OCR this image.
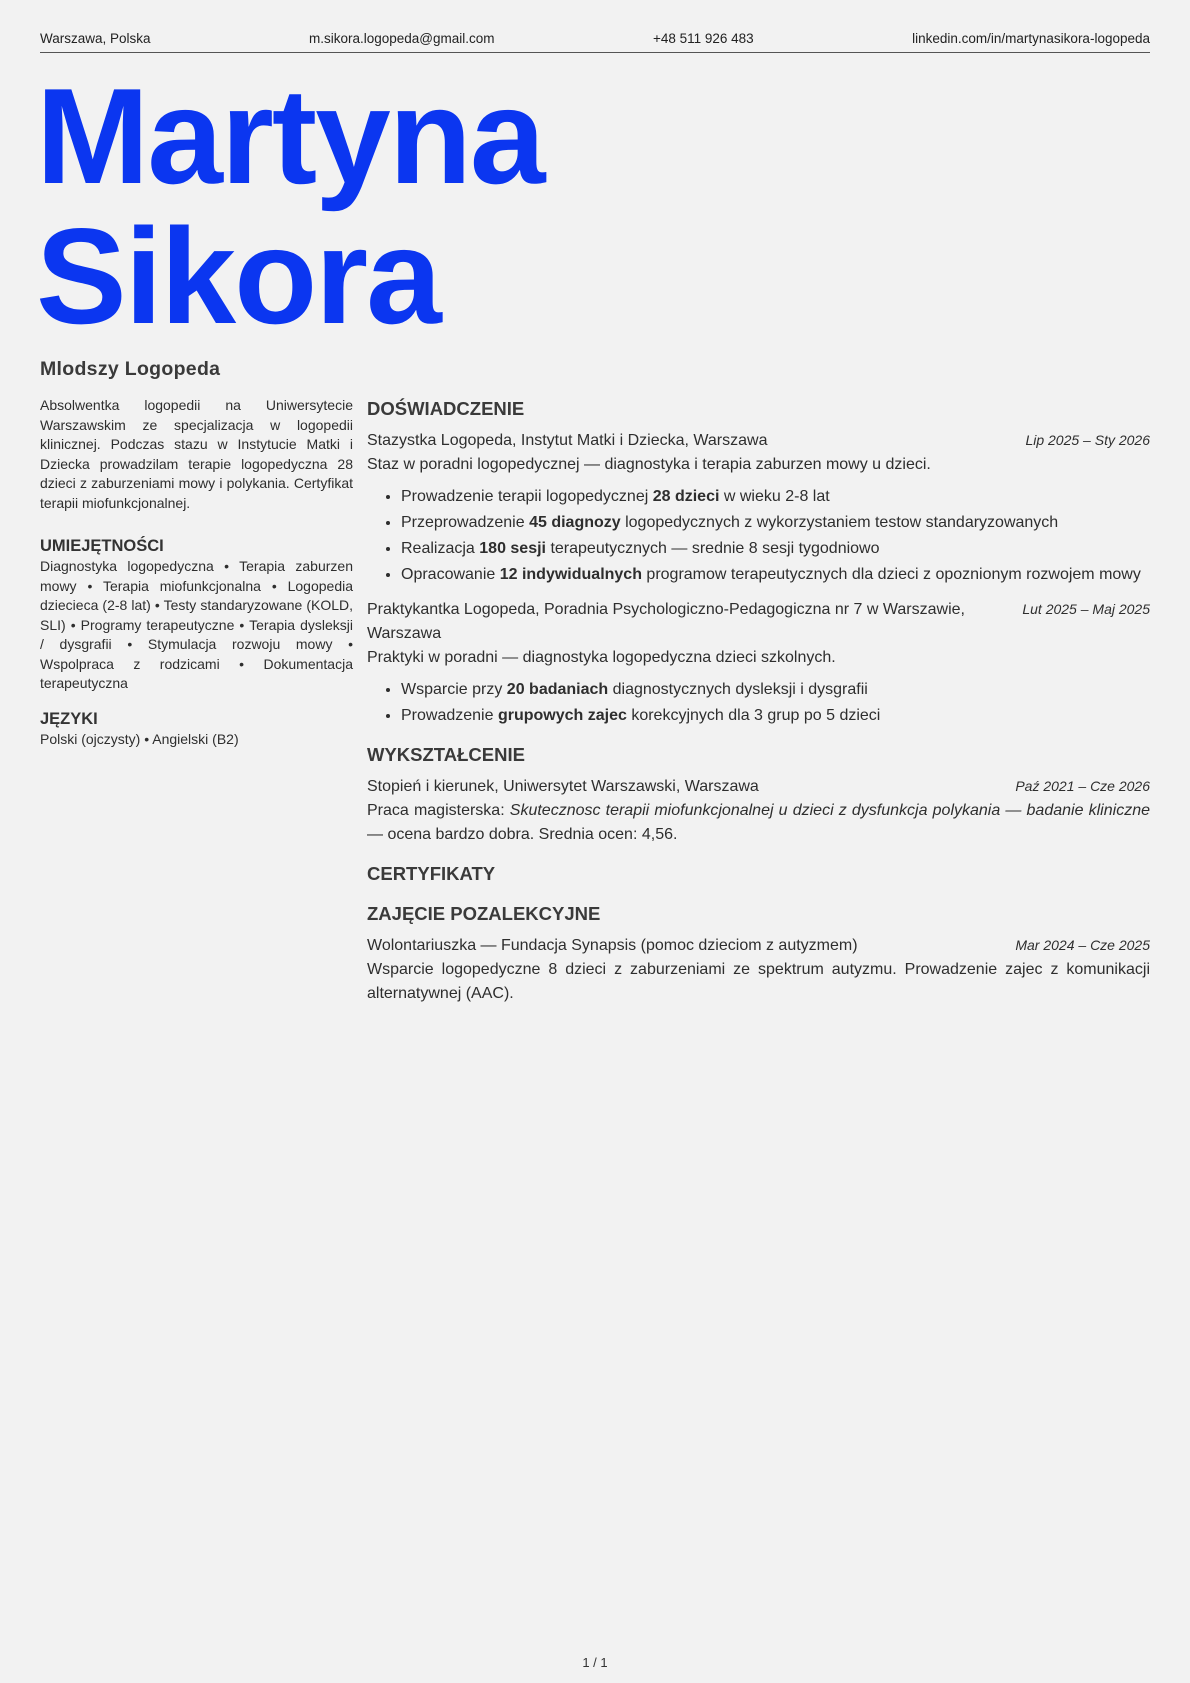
Warszawa, Polska	m.sikora.logopeda@gmail.com	+48 511 926 483	linkedin.com/in/martynasikora-logopeda
Martyna
Sikora
Mlodszy Logopeda

Absolwentka logopedii na Uniwersytecie Warszawskim ze specjalizacja w logopedii klinicznej. Podczas stazu w Instytucie Matki i Dziecka prowadzilam terapie logopedyczna 28 dzieci z zaburzeniami mowy i polykania. Certyfikat terapii miofunkcjonalnej.

UMIEJĘTNOŚCI

Diagnostyka logopedyczna • Terapia zaburzen mowy • Terapia miofunkcjonalna • Logopedia dzieciеca (2-8 lat) • Testy standaryzowane (KOLD, SLI) • Programy terapeutyczne • Terapia dysleksji / dysgrafii • Stymulacja rozwoju mowy • Wspolpraca z rodzicami • Dokumentacja terapeutyczna

JĘZYKI

Polski (ojczysty) • Angielski (B2)

DOŚWIADCZENIE
Stazystka Logopeda, Instytut Matki i Dziecka, Warszawa	Lip 2025 – Sty 2026
Staz w poradni logopedycznej — diagnostyka i terapia zaburzen mowy u dzieci.
• Prowadzenie terapii logopedycznej 28 dzieci w wieku 2-8 lat
• Przeprowadzenie 45 diagnozy logopedycznych z wykorzystaniem testow standaryzowanych
• Realizacja 180 sesji terapeutycznych — srednie 8 sesji tygodniowo
• Opracowanie 12 indywidualnych programow terapeutycznych dla dzieci z opoznionym rozwojem mowy
Praktykantka Logopeda, Poradnia Psychologiczno-Pedagogiczna nr 7 w Warszawie, Warszawa
Lut 2025 – Maj 2025
Praktyki w poradni — diagnostyka logopedyczna dzieci szkolnych.
• Wsparcie przy 20 badaniach diagnostycznych dysleksji i dysgrafii
• Prowadzenie grupowych zajec korekcyjnych dla 3 grup po 5 dzieci
WYKSZTAŁCENIE
Stopień i kierunek, Uniwersytet Warszawski, Warszawa	Paź 2021 – Cze 2026
Praca magisterska: Skutecznosc terapii miofunkcjonalnej u dzieci z dysfunkcja polykania — badanie kliniczne — ocena bardzo dobra. Srednia ocen: 4,56.
CERTYFIKATY
ZAJĘCIE POZALEKCYJNE
Wolontariuszka — Fundacja Synapsis (pomoc dzieciom z autyzmem)	Mar 2024 – Cze 2025
Wsparcie logopedyczne 8 dzieci z zaburzeniami ze spektrum autyzmu. Prowadzenie zajec z komunikacji alternatywnej (AAC).
1 / 1
